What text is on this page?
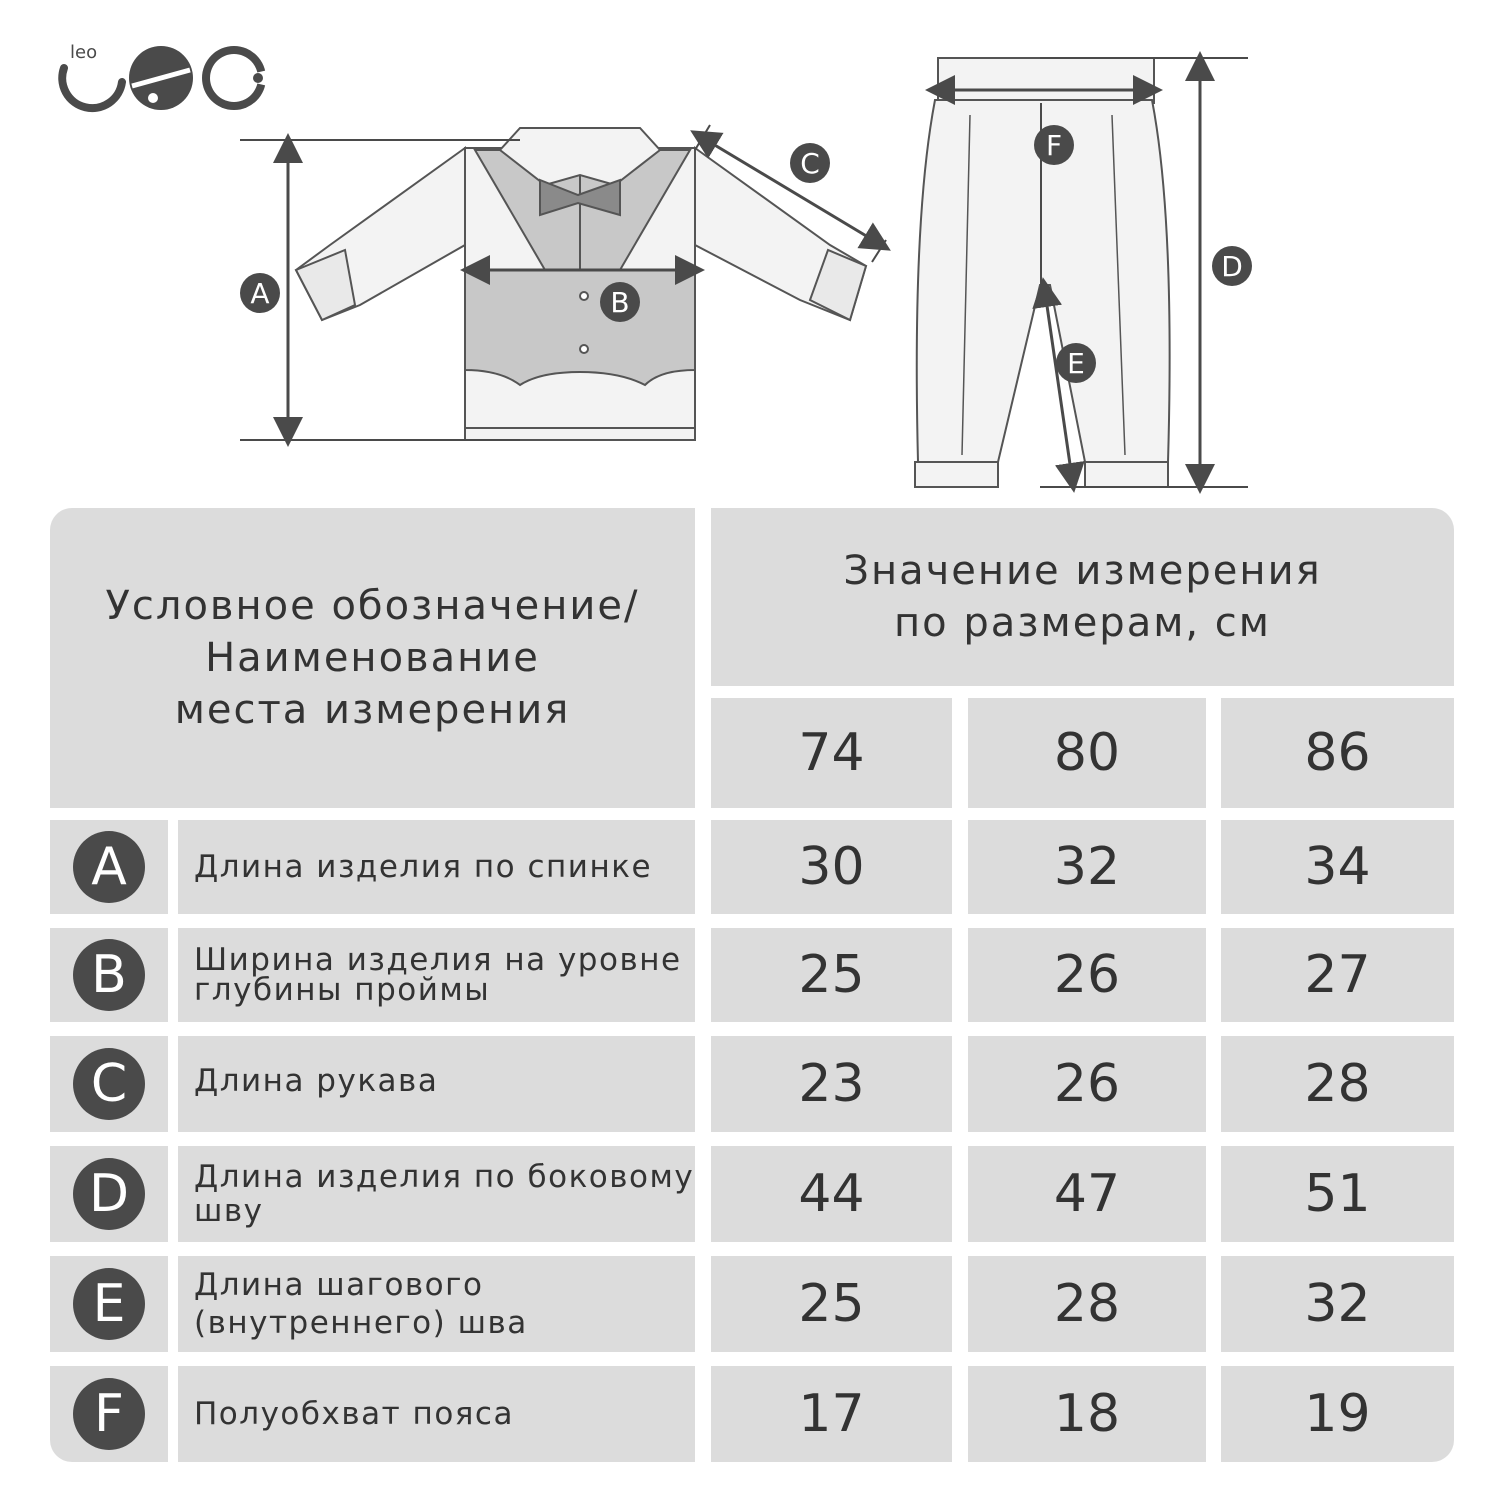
leo
A	B
C
D
E
F
Условное обозначение/
Наименование
места измерения
Значение измерения
по размерам, см
74	80	86
A	Длина изделия по спинке	30	32	34
B	Ширина изделия на уровне
глубины проймы	25	26	27
C	Длина рукава	23	26	28
D	Длина изделия по боковому
шву	44	47	51
E	Длина шагового
(внутреннего) шва	25	28	32
F	Полуобхват пояса	17	18	19
